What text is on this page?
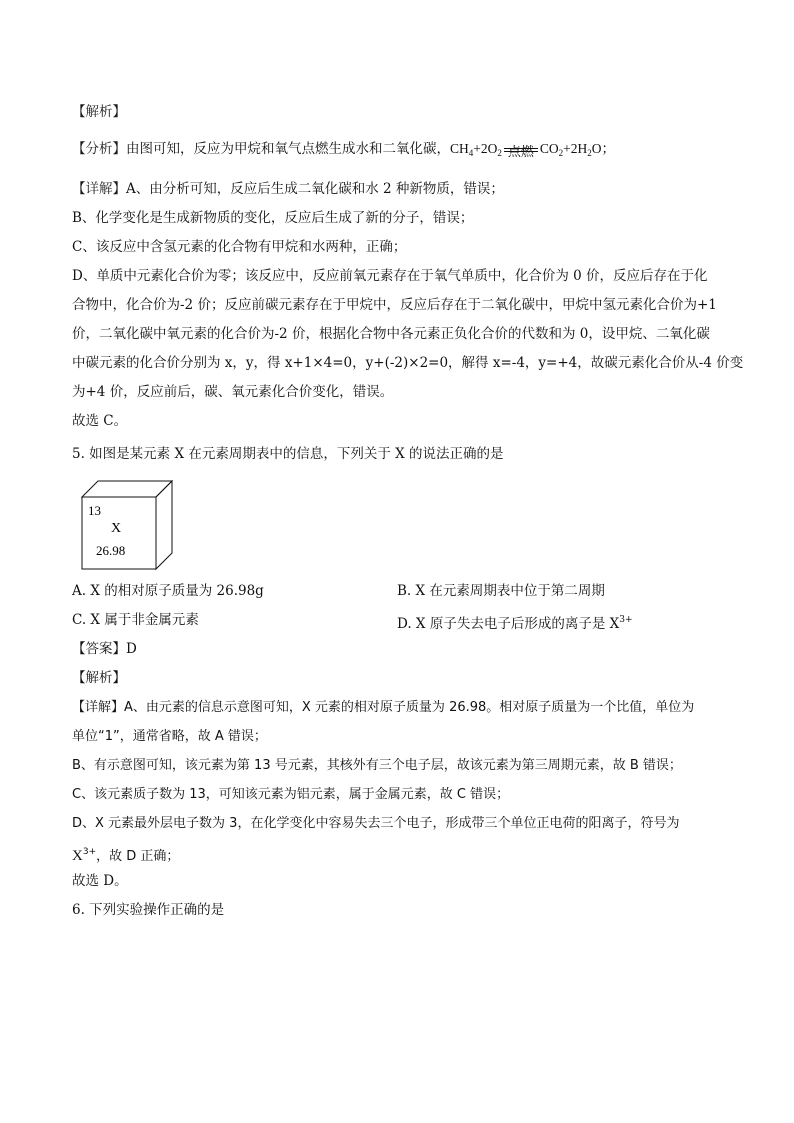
【解析】
【分析】由图可知，反应为甲烷和氧气点燃生成水和二氧化碳，$CH_4+2O_2$ 点燃 $CO_2+2H_2O$；
【详解】A、由分析可知，反应后生成二氧化碳和水 2 种新物质，错误；
B、化学变化是生成新物质的变化，反应后生成了新的分子，错误；
C、该反应中含氢元素的化合物有甲烷和水两种，正确；
D、单质中元素化合价为零；该反应中，反应前氧元素存在于氧气单质中，化合价为 0 价，反应后存在于化
合物中，化合价为-2 价；反应前碳元素存在于甲烷中，反应后存在于二氧化碳中，甲烷中氢元素化合价为+1
价，二氧化碳中氧元素的化合价为-2 价，根据化合物中各元素正负化合价的代数和为 0，设甲烷、二氧化碳
中碳元素的化合价分别为 x，y，得 x+1×4=0，y+(-2)×2=0，解得 x=-4，y=+4，故碳元素化合价从-4 价变
为+4 价，反应前后，碳、氧元素化合价变化，错误。
故选 C。
5. 如图是某元素 X 在元素周期表中的信息，下列关于 X 的说法正确的是
13
X
26.98
A. X 的相对原子质量为 26.98g	B. X 在元素周期表中位于第二周期
C. X 属于非金属元素	D. X 原子失去电子后形成的离子是 $X^{3+}$
【答案】D
【解析】
【详解】A、由元素的信息示意图可知，X 元素的相对原子质量为 26.98。相对原子质量为一个比值，单位为
单位“1”，通常省略，故 A 错误；
B、有示意图可知，该元素为第 13 号元素，其核外有三个电子层，故该元素为第三周期元素，故 B 错误；
C、该元素质子数为 13，可知该元素为铝元素，属于金属元素，故 C 错误；
D、X 元素最外层电子数为 3，在化学变化中容易失去三个电子，形成带三个单位正电荷的阳离子，符号为
$X^{3+}$，故 D 正确；
故选 D。
6. 下列实验操作正确的是
